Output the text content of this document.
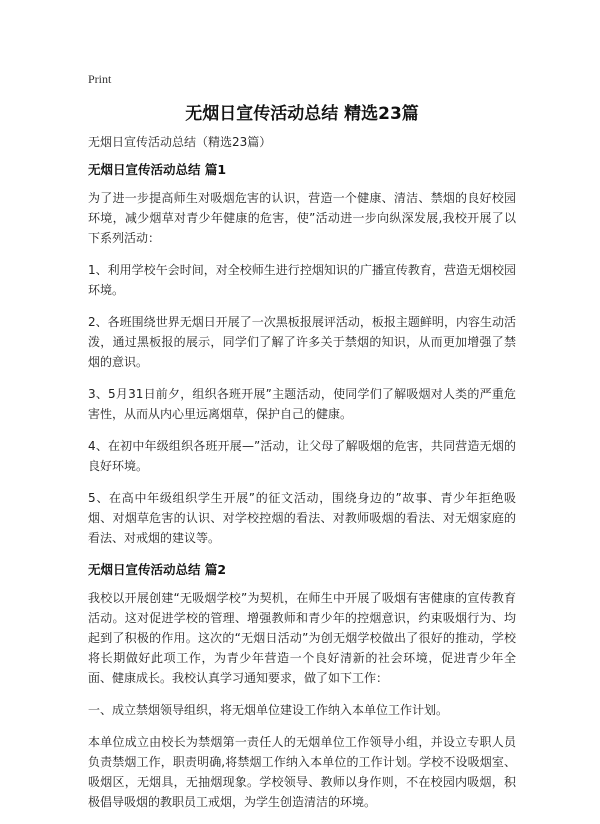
Print
无烟日宣传活动总结 精选23篇

无烟日宣传活动总结（精选23篇）

无烟日宣传活动总结 篇1

为了进一步提高师生对吸烟危害的认识，营造一个健康、清洁、禁烟的良好校园环境，减少烟草对青少年健康的危害，使”活动进一步向纵深发展,我校开展了以下系列活动：

1、利用学校午会时间，对全校师生进行控烟知识的广播宣传教育，营造无烟校园环境。

2、各班围绕世界无烟日开展了一次黑板报展评活动，板报主题鲜明，内容生动活泼，通过黑板报的展示，同学们了解了许多关于禁烟的知识，从而更加增强了禁烟的意识。

3、5月31日前夕，组织各班开展”主题活动，使同学们了解吸烟对人类的严重危害性，从而从内心里远离烟草，保护自己的健康。

4、在初中年级组织各班开展—”活动，让父母了解吸烟的危害，共同营造无烟的良好环境。

5、在高中年级组织学生开展”的征文活动，围绕身边的”故事、青少年拒绝吸烟、对烟草危害的认识、对学校控烟的看法、对教师吸烟的看法、对无烟家庭的看法、对戒烟的建议等。

无烟日宣传活动总结 篇2

我校以开展创建“无吸烟学校”为契机，在师生中开展了吸烟有害健康的宣传教育活动。这对促进学校的管理、增强教师和青少年的控烟意识，约束吸烟行为、均起到了积极的作用。这次的“无烟日活动”为创无烟学校做出了很好的推动，学校将长期做好此项工作，为青少年营造一个良好清新的社会环境，促进青少年全面、健康成长。我校认真学习通知要求，做了如下工作：

一、成立禁烟领导组织，将无烟单位建设工作纳入本单位工作计划。

本单位成立由校长为禁烟第一责任人的无烟单位工作领导小组，并设立专职人员负责禁烟工作，职责明确,将禁烟工作纳入本单位的工作计划。学校不设吸烟室、吸烟区，无烟具，无抽烟现象。学校领导、教师以身作则，不在校园内吸烟，积极倡导吸烟的教职员工戒烟，为学生创造清洁的环境。
